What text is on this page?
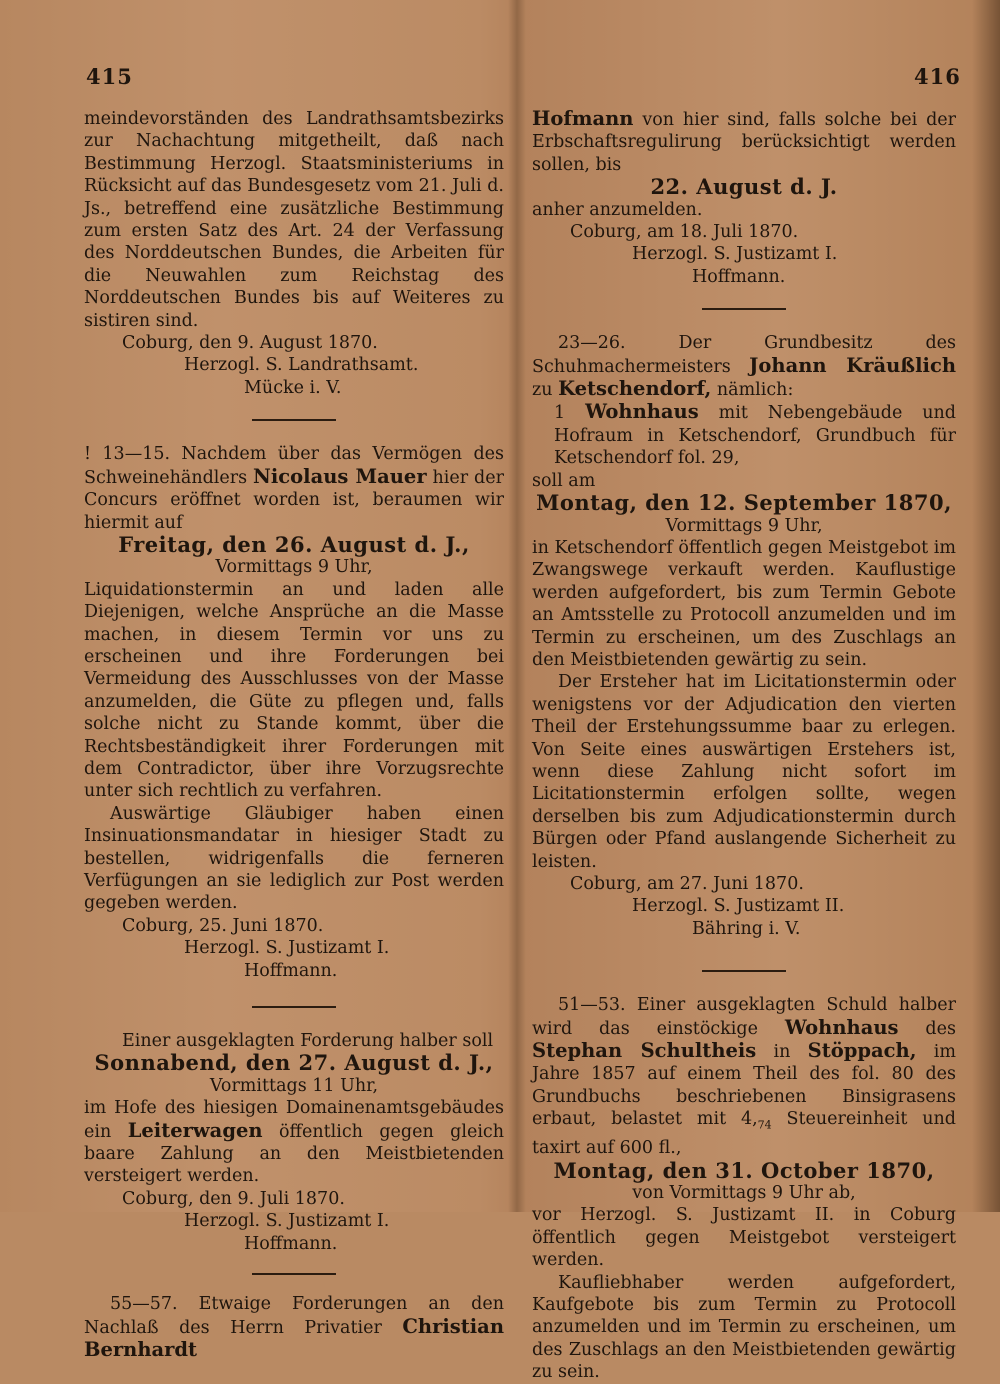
415	416

meindevorständen des Landrathsamtsbezirks zur Nachachtung mitgetheilt, daß nach Bestimmung Herzogl. Staatsministeriums in Rücksicht auf das Bundesgesetz vom 21. Juli d. Js., betreffend eine zusätzliche Bestimmung zum ersten Satz des Art. 24 der Verfassung des Norddeutschen Bundes, die Arbeiten für die Neuwahlen zum Reichstag des Norddeutschen Bundes bis auf Weiteres zu sistiren sind.

Coburg, den 9. August 1870.

Herzogl. S. Landrathsamt.

Mücke i. V.

! 13—15. Nachdem über das Vermögen des Schweinehändlers Nicolaus Mauer hier der Concurs eröffnet worden ist, beraumen wir hiermit auf

Freitag, den 26. August d. J.,

Vormittags 9 Uhr,

Liquidationstermin an und laden alle Diejenigen, welche Ansprüche an die Masse machen, in diesem Termin vor uns zu erscheinen und ihre Forderungen bei Vermeidung des Ausschlusses von der Masse anzumelden, die Güte zu pflegen und, falls solche nicht zu Stande kommt, über die Rechtsbeständigkeit ihrer Forderungen mit dem Contradictor, über ihre Vorzugsrechte unter sich rechtlich zu verfahren.

Auswärtige Gläubiger haben einen Insinuationsmandatar in hiesiger Stadt zu bestellen, widrigenfalls die ferneren Verfügungen an sie lediglich zur Post werden gegeben werden.

Coburg, 25. Juni 1870.

Herzogl. S. Justizamt I.

Hoffmann.

Einer ausgeklagten Forderung halber soll

Sonnabend, den 27. August d. J.,

Vormittags 11 Uhr,

im Hofe des hiesigen Domainenamtsgebäudes ein Leiterwagen öffentlich gegen gleich baare Zahlung an den Meistbietenden versteigert werden.

Coburg, den 9. Juli 1870.

Herzogl. S. Justizamt I.

Hoffmann.

55—57. Etwaige Forderungen an den Nachlaß des Herrn Privatier Christian Bernhardt

Hofmann von hier sind, falls solche bei der Erbschaftsregulirung berücksichtigt werden sollen, bis

22. August d. J.

anher anzumelden.

Coburg, am 18. Juli 1870.

Herzogl. S. Justizamt I.

Hoffmann.

23—26. Der Grundbesitz des Schuhmachermeisters Johann Kräußlich zu Ketschendorf, nämlich:

1 Wohnhaus mit Nebengebäude und Hofraum in Ketschendorf, Grundbuch für Ketschendorf fol. 29,

soll am

Montag, den 12. September 1870,

Vormittags 9 Uhr,

in Ketschendorf öffentlich gegen Meistgebot im Zwangswege verkauft werden. Kauflustige werden aufgefordert, bis zum Termin Gebote an Amtsstelle zu Protocoll anzumelden und im Termin zu erscheinen, um des Zuschlags an den Meistbietenden gewärtig zu sein.

Der Ersteher hat im Licitationstermin oder wenigstens vor der Adjudication den vierten Theil der Erstehungssumme baar zu erlegen. Von Seite eines auswärtigen Erstehers ist, wenn diese Zahlung nicht sofort im Licitationstermin erfolgen sollte, wegen derselben bis zum Adjudicationstermin durch Bürgen oder Pfand auslangende Sicherheit zu leisten.

Coburg, am 27. Juni 1870.

Herzogl. S. Justizamt II.

Bähring i. V.

51—53. Einer ausgeklagten Schuld halber wird das einstöckige Wohnhaus des Stephan Schultheis in Stöppach, im Jahre 1857 auf einem Theil des fol. 80 des Grundbuchs beschriebenen Binsigrasens erbaut, belastet mit $4,_{74}$ Steuereinheit und taxirt auf 600 fl.,

Montag, den 31. October 1870,

von Vormittags 9 Uhr ab,

vor Herzogl. S. Justizamt II. in Coburg öffentlich gegen Meistgebot versteigert werden.

Kaufliebhaber werden aufgefordert, Kaufgebote bis zum Termin zu Protocoll anzumelden und im Termin zu erscheinen, um des Zuschlags an den Meistbietenden gewärtig zu sein.
